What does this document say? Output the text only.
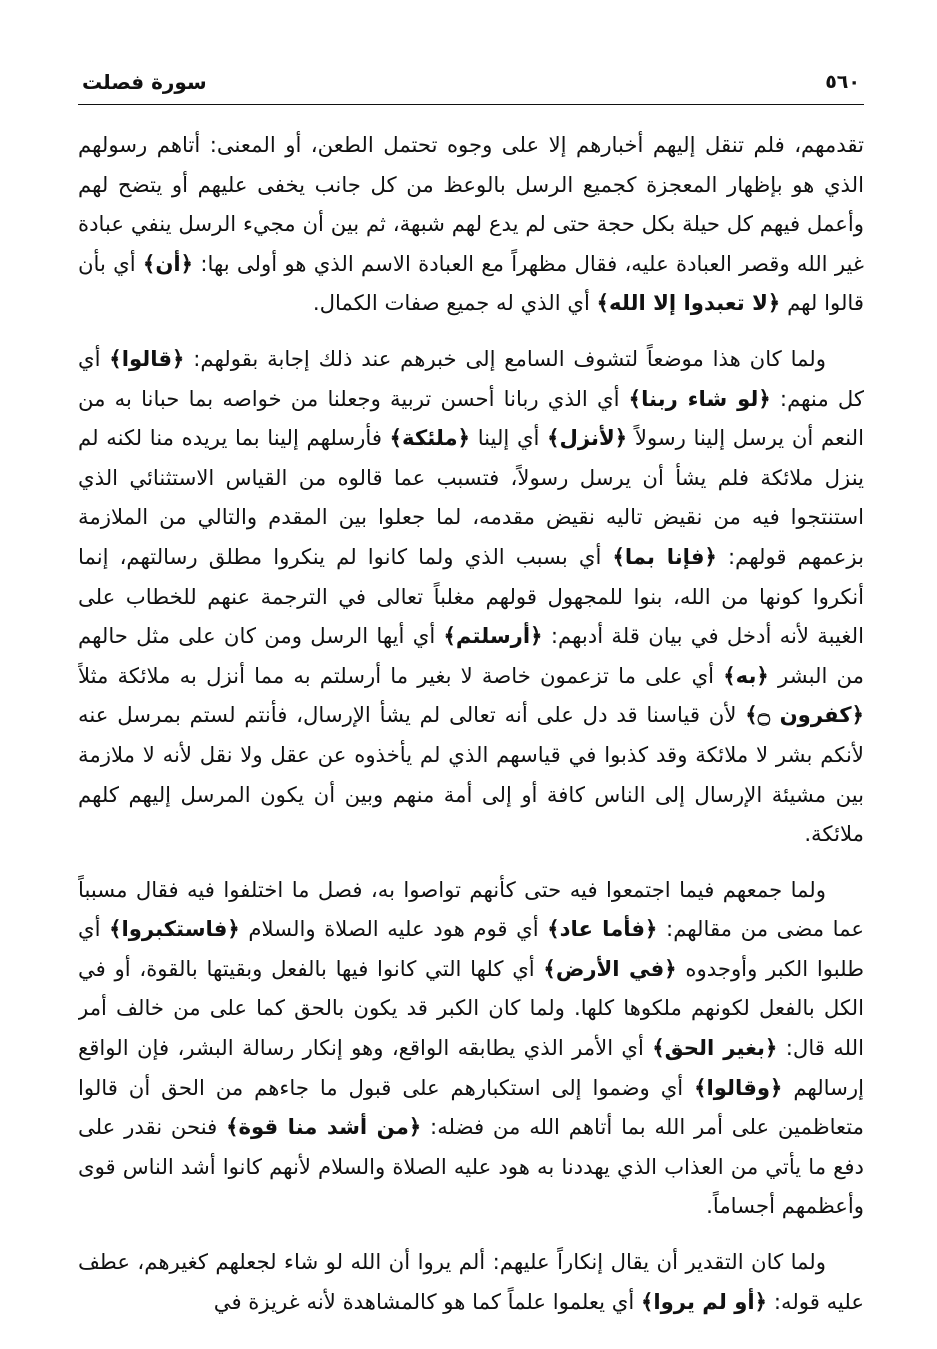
٥٦٠
سورة فصلت

تقدمهم، فلم تنقل إليهم أخبارهم إلا على وجوه تحتمل الطعن، أو المعنى: أتاهم رسولهم الذي هو بإظهار المعجزة كجميع الرسل بالوعظ من كل جانب يخفى عليهم أو يتضح لهم وأعمل فيهم كل حيلة بكل حجة حتى لم يدع لهم شبهة، ثم بين أن مجيء الرسل ينفي عبادة غير الله وقصر العبادة عليه، فقال مظهراً مع العبادة الاسم الذي هو أولى بها: ﴿أن﴾ أي بأن قالوا لهم ﴿لا تعبدوا إلا الله﴾ أي الذي له جميع صفات الكمال.

ولما كان هذا موضعاً لتشوف السامع إلى خبرهم عند ذلك إجابة بقولهم: ﴿قالوا﴾ أي كل منهم: ﴿لو شاء ربنا﴾ أي الذي ربانا أحسن تربية وجعلنا من خواصه بما حبانا به من النعم أن يرسل إلينا رسولاً ﴿لأنزل﴾ أي إلينا ﴿ملئكة﴾ فأرسلهم إلينا بما يريده منا لكنه لم ينزل ملائكة فلم يشأ أن يرسل رسولاً، فتسبب عما قالوه من القياس الاستثنائي الذي استنتجوا فيه من نقيض تاليه نقيض مقدمه، لما جعلوا بين المقدم والتالي من الملازمة بزعمهم قولهم: ﴿فإنا بما﴾ أي بسبب الذي ولما كانوا لم ينكروا مطلق رسالتهم، إنما أنكروا كونها من الله، بنوا للمجهول قولهم مغلباً تعالى في الترجمة عنهم للخطاب على الغيبة لأنه أدخل في بيان قلة أدبهم: ﴿أرسلتم﴾ أي أيها الرسل ومن كان على مثل حالهم من البشر ﴿به﴾ أي على ما تزعمون خاصة لا بغير ما أرسلتم به مما أنزل به ملائكة مثلاً ﴿كفرون ۝﴾ لأن قياسنا قد دل على أنه تعالى لم يشأ الإرسال، فأنتم لستم بمرسل عنه لأنكم بشر لا ملائكة وقد كذبوا في قياسهم الذي لم يأخذوه عن عقل ولا نقل لأنه لا ملازمة بين مشيئة الإرسال إلى الناس كافة أو إلى أمة منهم وبين أن يكون المرسل إليهم كلهم ملائكة.

ولما جمعهم فيما اجتمعوا فيه حتى كأنهم تواصوا به، فصل ما اختلفوا فيه فقال مسبباً عما مضى من مقالهم: ﴿فأما عاد﴾ أي قوم هود عليه الصلاة والسلام ﴿فاستكبروا﴾ أي طلبوا الكبر وأوجدوه ﴿في الأرض﴾ أي كلها التي كانوا فيها بالفعل وبقيتها بالقوة، أو في الكل بالفعل لكونهم ملكوها كلها. ولما كان الكبر قد يكون بالحق كما على من خالف أمر الله قال: ﴿بغير الحق﴾ أي الأمر الذي يطابقه الواقع، وهو إنكار رسالة البشر، فإن الواقع إرسالهم ﴿وقالوا﴾ أي وضموا إلى استكبارهم على قبول ما جاءهم من الحق أن قالوا متعاظمين على أمر الله بما أتاهم الله من فضله: ﴿من أشد منا قوة﴾ فنحن نقدر على دفع ما يأتي من العذاب الذي يهددنا به هود عليه الصلاة والسلام لأنهم كانوا أشد الناس قوى وأعظمهم أجساماً.

ولما كان التقدير أن يقال إنكاراً عليهم: ألم يروا أن الله لو شاء لجعلهم كغيرهم، عطف عليه قوله: ﴿أو لم يروا﴾ أي يعلموا علماً كما هو كالمشاهدة لأنه غريزة في
